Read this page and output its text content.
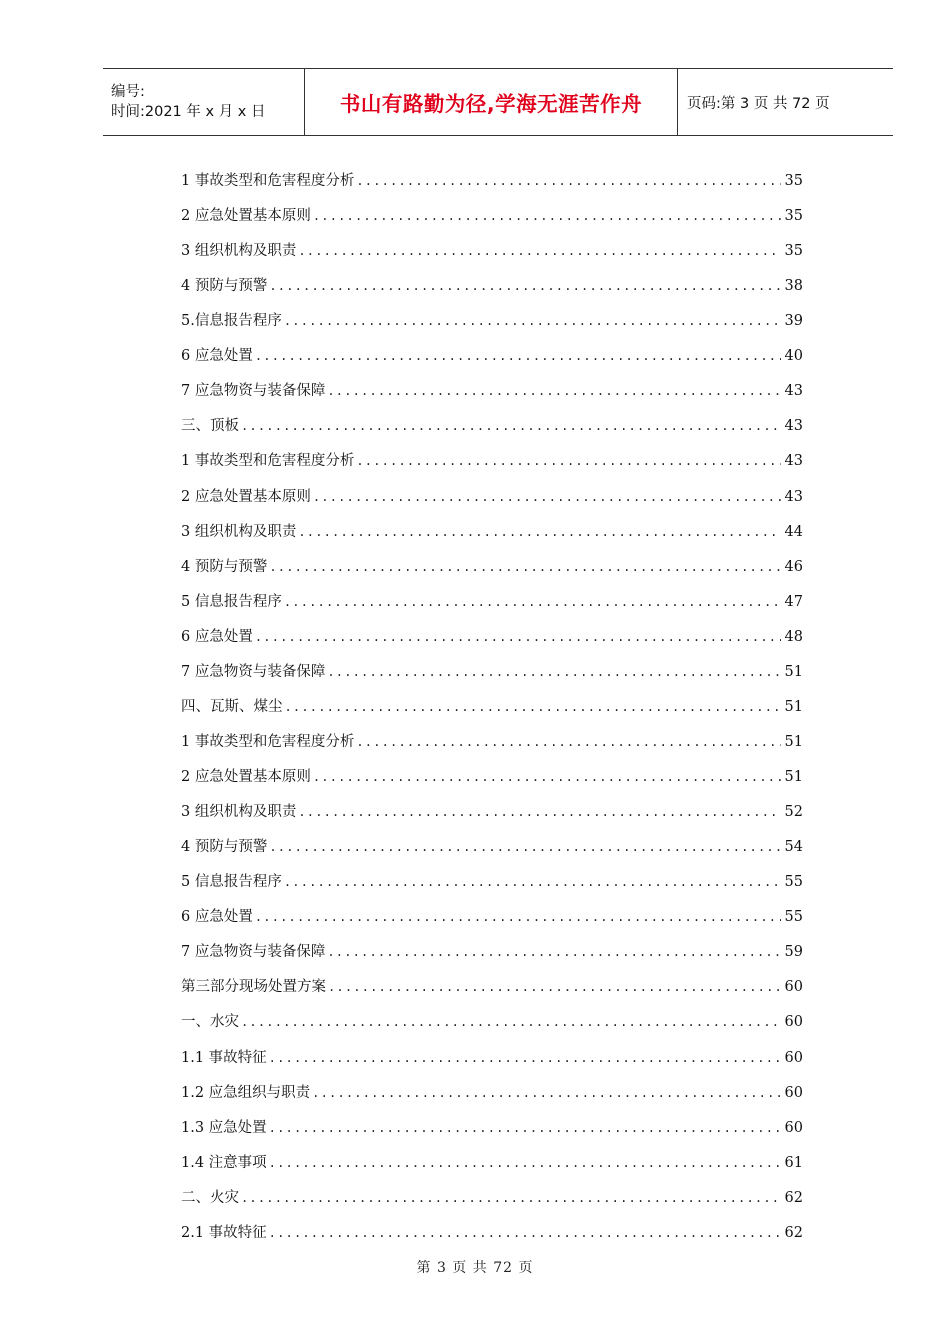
编号:
时间:2021 年 x 月 x 日	书山有路勤为径,学海无涯苦作舟	页码:第 3 页 共 72 页
1 事故类型和危害程度分析 .....	35
2 应急处置基本原则 .....	35
3 组织机构及职责 .....	35
4 预防与预警 .....	38
5.信息报告程序 .....	39
6 应急处置 .....	40
7 应急物资与装备保障 .....	43
三、顶板 .....	43
1 事故类型和危害程度分析 .....	43
2 应急处置基本原则 .....	43
3 组织机构及职责 .....	44
4 预防与预警 .....	46
5 信息报告程序 .....	47
6 应急处置 .....	48
7 应急物资与装备保障 .....	51
四、瓦斯、煤尘 .....	51
1 事故类型和危害程度分析 .....	51
2 应急处置基本原则 .....	51
3 组织机构及职责 .....	52
4 预防与预警 .....	54
5 信息报告程序 .....	55
6 应急处置 .....	55
7 应急物资与装备保障 .....	59
第三部分现场处置方案 .....	60
一、水灾 .....	60
1.1 事故特征 .....	60
1.2 应急组织与职责 .....	60
1.3 应急处置 .....	60
1.4 注意事项 .....	61
二、火灾 .....	62
2.1 事故特征 .....	62
第 3 页 共 72 页
